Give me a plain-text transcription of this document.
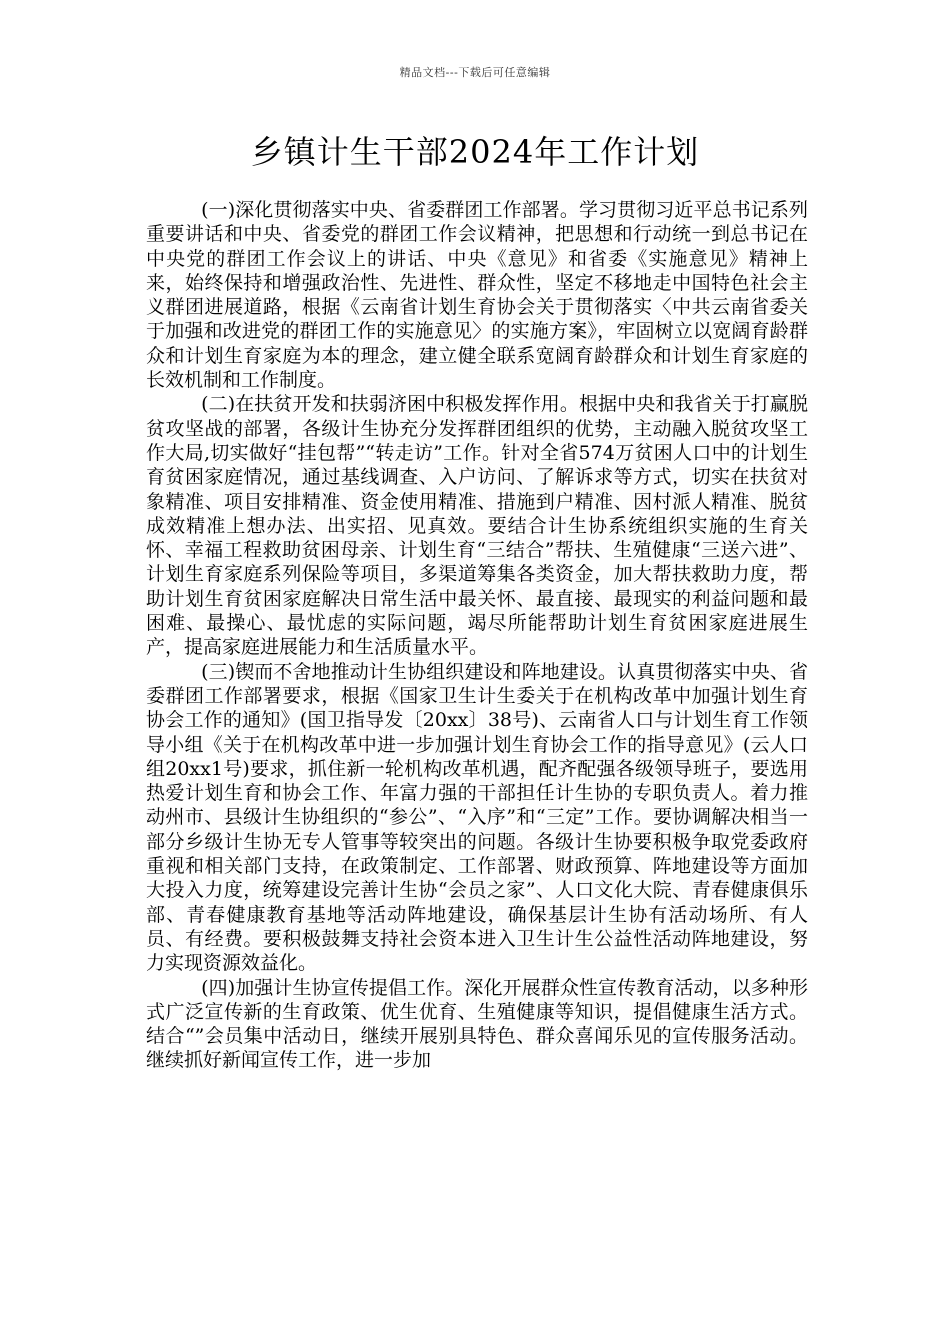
精品文档---下载后可任意编辑
乡镇计生干部2024年工作计划

(一)深化贯彻落实中央、省委群团工作部署。学习贯彻习近平总书记系列重要讲话和中央、省委党的群团工作会议精神，把思想和行动统一到总书记在中央党的群团工作会议上的讲话、中央《意见》和省委《实施意见》精神上来，始终保持和增强政治性、先进性、群众性，坚定不移地走中国特色社会主义群团进展道路，根据《云南省计划生育协会关于贯彻落实〈中共云南省委关于加强和改进党的群团工作的实施意见〉的实施方案》，牢固树立以宽阔育龄群众和计划生育家庭为本的理念，建立健全联系宽阔育龄群众和计划生育家庭的长效机制和工作制度。

(二)在扶贫开发和扶弱济困中积极发挥作用。根据中央和我省关于打赢脱贫攻坚战的部署，各级计生协充分发挥群团组织的优势，主动融入脱贫攻坚工作大局,切实做好“挂包帮”“转走访”工作。针对全省574万贫困人口中的计划生育贫困家庭情况，通过基线调查、入户访问、了解诉求等方式，切实在扶贫对象精准、项目安排精准、资金使用精准、措施到户精准、因村派人精准、脱贫成效精准上想办法、出实招、见真效。要结合计生协系统组织实施的生育关怀、幸福工程救助贫困母亲、计划生育“三结合”帮扶、生殖健康“三送六进”、计划生育家庭系列保险等项目，多渠道筹集各类资金，加大帮扶救助力度，帮助计划生育贫困家庭解决日常生活中最关怀、最直接、最现实的利益问题和最困难、最操心、最忧虑的实际问题，竭尽所能帮助计划生育贫困家庭进展生产，提高家庭进展能力和生活质量水平。

(三)锲而不舍地推动计生协组织建设和阵地建设。认真贯彻落实中央、省委群团工作部署要求，根据《国家卫生计生委关于在机构改革中加强计划生育协会工作的通知》(国卫指导发〔20xx〕38号)、云南省人口与计划生育工作领导小组《关于在机构改革中进一步加强计划生育协会工作的指导意见》(云人口组20xx1号)要求，抓住新一轮机构改革机遇，配齐配强各级领导班子，要选用热爱计划生育和协会工作、年富力强的干部担任计生协的专职负责人。着力推动州市、县级计生协组织的“参公”、“入序”和“三定”工作。要协调解决相当一部分乡级计生协无专人管事等较突出的问题。各级计生协要积极争取党委政府重视和相关部门支持，在政策制定、工作部署、财政预算、阵地建设等方面加大投入力度，统筹建设完善计生协“会员之家”、人口文化大院、青春健康俱乐部、青春健康教育基地等活动阵地建设，确保基层计生协有活动场所、有人员、有经费。要积极鼓舞支持社会资本进入卫生计生公益性活动阵地建设，努力实现资源效益化。

(四)加强计生协宣传提倡工作。深化开展群众性宣传教育活动，以多种形式广泛宣传新的生育政策、优生优育、生殖健康等知识，提倡健康生活方式。结合“”会员集中活动日，继续开展别具特色、群众喜闻乐见的宣传服务活动。继续抓好新闻宣传工作，进一步加
